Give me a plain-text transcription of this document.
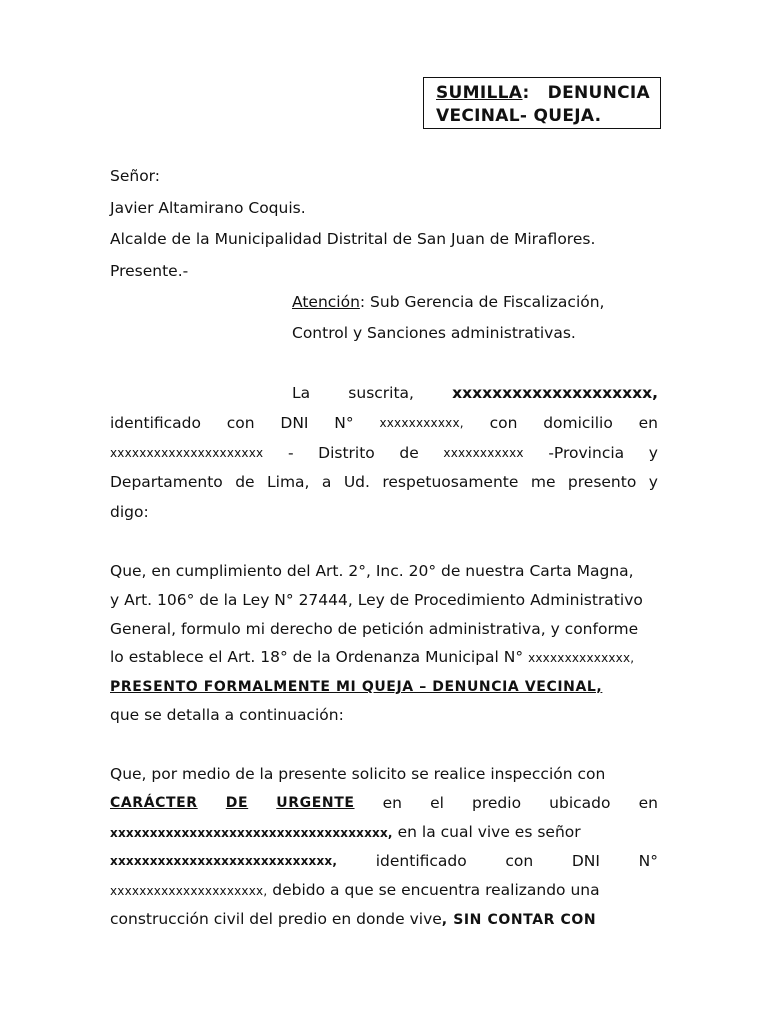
SUMILLA: DENUNCIA
VECINAL- QUEJA.
Señor:
Javier Altamirano Coquis.
Alcalde de la Municipalidad Distrital de San Juan de Miraflores.
Presente.-
Atención: Sub Gerencia de Fiscalización,
Control y Sanciones administrativas.
La suscrita, xxxxxxxxxxxxxxxxxxxx,
identificado con DNI N° xxxxxxxxxxx, con domicilio en
xxxxxxxxxxxxxxxxxxxxx - Distrito de xxxxxxxxxxx -Provincia y
Departamento de Lima, a Ud. respetuosamente me presento y
digo:
Que, en cumplimiento del Art. 2°, Inc. 20° de nuestra Carta Magna,
y Art. 106° de la Ley N° 27444, Ley de Procedimiento Administrativo
General, formulo mi derecho de petición administrativa, y conforme
lo establece el Art. 18° de la Ordenanza Municipal N° xxxxxxxxxxxxxx,
PRESENTO FORMALMENTE MI QUEJA – DENUNCIA VECINAL,
que se detalla a continuación:
Que, por medio de la presente solicito se realice inspección con
CARÁCTER DE URGENTE en el predio ubicado en
xxxxxxxxxxxxxxxxxxxxxxxxxxxxxxxxxxx, en la cual vive es señor
xxxxxxxxxxxxxxxxxxxxxxxxxxxx, identificado con DNI N°
xxxxxxxxxxxxxxxxxxxxx, debido a que se encuentra realizando una
construcción civil del predio en donde vive, SIN CONTAR CON
